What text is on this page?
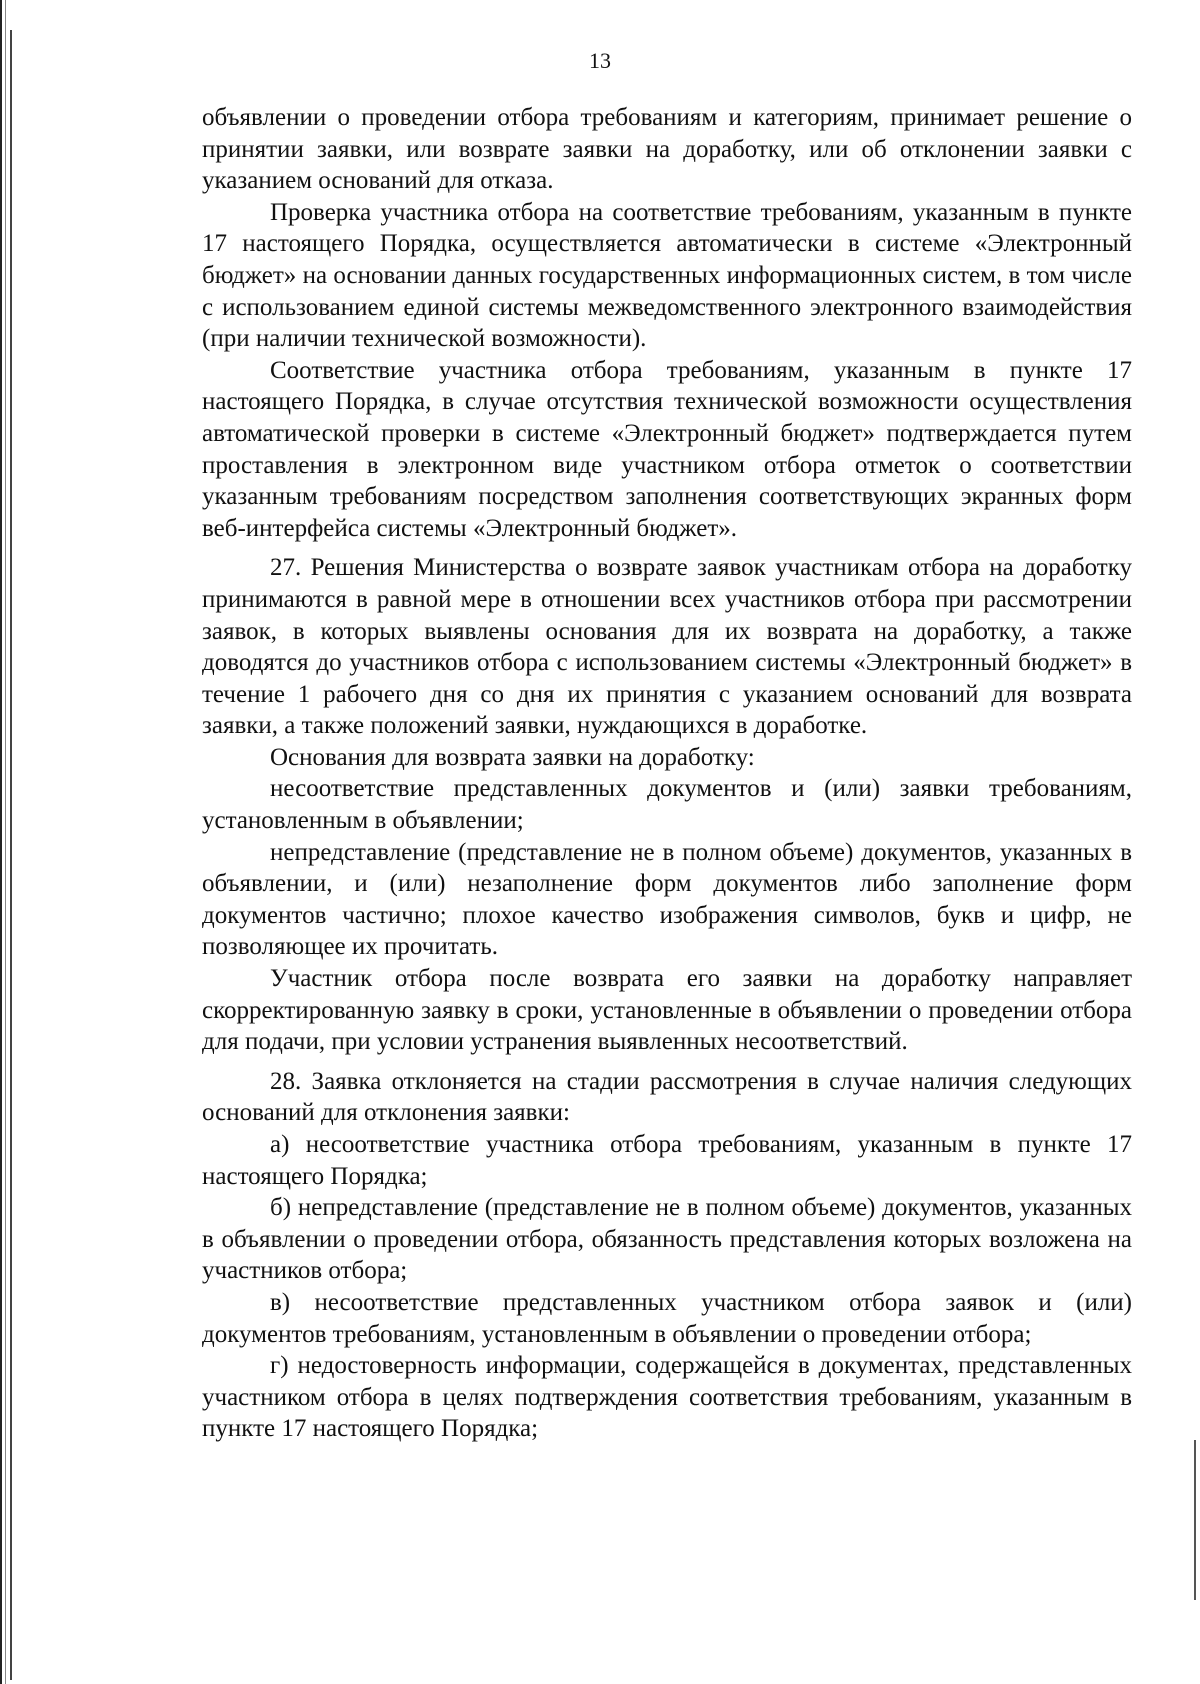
13

объявлении о проведении отбора требованиям и категориям, принимает решение о принятии заявки, или возврате заявки на доработку, или об отклонении заявки с указанием оснований для отказа.

Проверка участника отбора на соответствие требованиям, указанным в пункте 17 настоящего Порядка, осуществляется автоматически в системе «Электронный бюджет» на основании данных государственных информационных систем, в том числе с использованием единой системы межведомственного электронного взаимодействия (при наличии технической возможности).

Соответствие участника отбора требованиям, указанным в пункте 17 настоящего Порядка, в случае отсутствия технической возможности осуществления автоматической проверки в системе «Электронный бюджет» подтверждается путем проставления в электронном виде участником отбора отметок о соответствии указанным требованиям посредством заполнения соответствующих экранных форм веб-интерфейса системы «Электронный бюджет».

27. Решения Министерства о возврате заявок участникам отбора на доработку принимаются в равной мере в отношении всех участников отбора при рассмотрении заявок, в которых выявлены основания для их возврата на доработку, а также доводятся до участников отбора с использованием системы «Электронный бюджет» в течение 1 рабочего дня со дня их принятия с указанием оснований для возврата заявки, а также положений заявки, нуждающихся в доработке.

Основания для возврата заявки на доработку:

несоответствие представленных документов и (или) заявки требованиям, установленным в объявлении;

непредставление (представление не в полном объеме) документов, указанных в объявлении, и (или) незаполнение форм документов либо заполнение форм документов частично; плохое качество изображения символов, букв и цифр, не позволяющее их прочитать.

Участник отбора после возврата его заявки на доработку направляет скорректированную заявку в сроки, установленные в объявлении о проведении отбора для подачи, при условии устранения выявленных несоответствий.

28. Заявка отклоняется на стадии рассмотрения в случае наличия следующих оснований для отклонения заявки:

а) несоответствие участника отбора требованиям, указанным в пункте 17 настоящего Порядка;

б) непредставление (представление не в полном объеме) документов, указанных в объявлении о проведении отбора, обязанность представления которых возложена на участников отбора;

в) несоответствие представленных участником отбора заявок и (или) документов требованиям, установленным в объявлении о проведении отбора;

г) недостоверность информации, содержащейся в документах, представленных участником отбора в целях подтверждения соответствия требованиям, указанным в пункте 17 настоящего Порядка;
